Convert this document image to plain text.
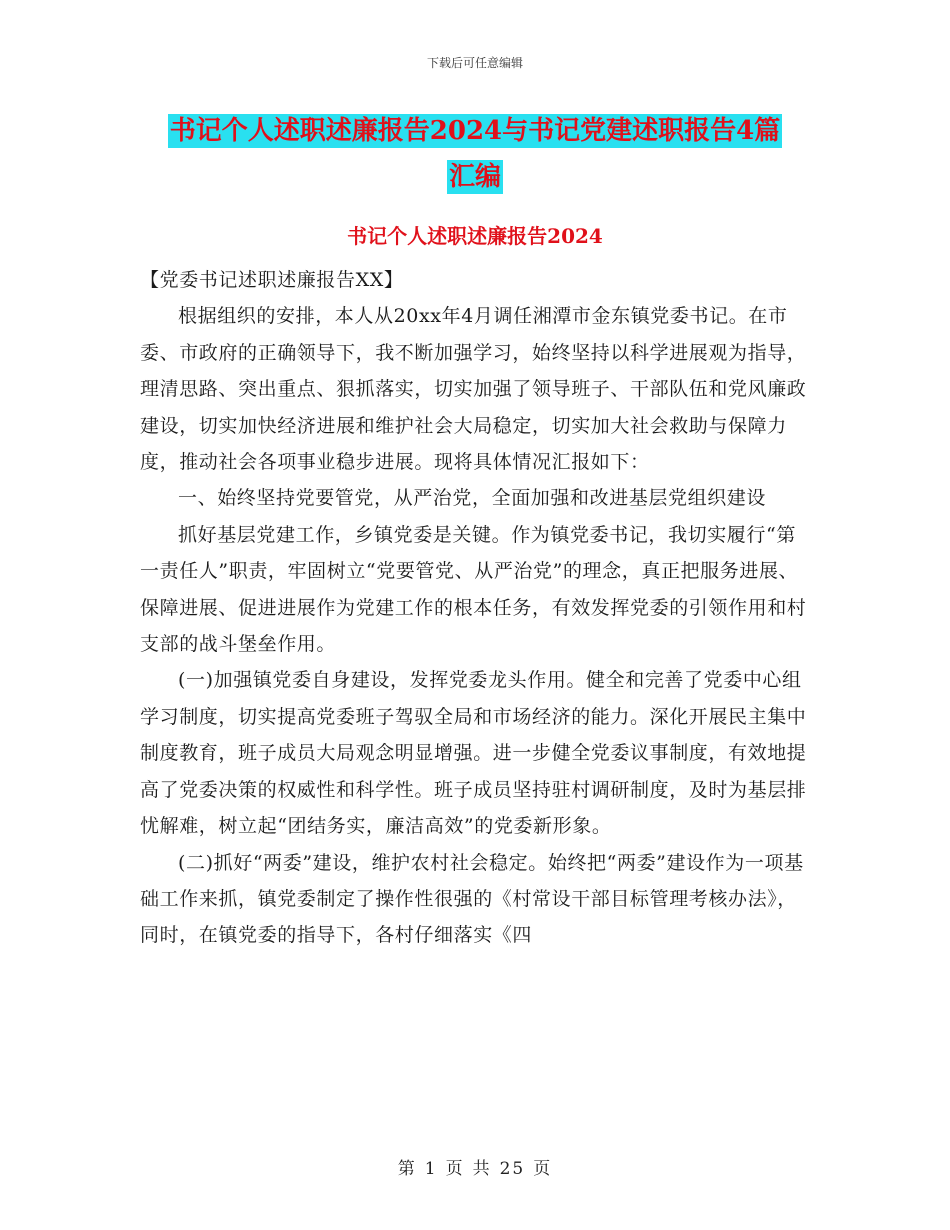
下载后可任意编辑
书记个人述职述廉报告2024与书记党建述职报告4篇
汇编
书记个人述职述廉报告2024

【党委书记述职述廉报告XX】

根据组织的安排，本人从20xx年4月调任湘潭市金东镇党委书记。在市委、市政府的正确领导下，我不断加强学习，始终坚持以科学进展观为指导，理清思路、突出重点、狠抓落实，切实加强了领导班子、干部队伍和党风廉政建设，切实加快经济进展和维护社会大局稳定，切实加大社会救助与保障力度，推动社会各项事业稳步进展。现将具体情况汇报如下：

一、始终坚持党要管党，从严治党，全面加强和改进基层党组织建设

抓好基层党建工作，乡镇党委是关键。作为镇党委书记，我切实履行“第一责任人”职责，牢固树立“党要管党、从严治党”的理念，真正把服务进展、保障进展、促进进展作为党建工作的根本任务，有效发挥党委的引领作用和村支部的战斗堡垒作用。

(一)加强镇党委自身建设，发挥党委龙头作用。健全和完善了党委中心组学习制度，切实提高党委班子驾驭全局和市场经济的能力。深化开展民主集中制度教育，班子成员大局观念明显增强。进一步健全党委议事制度，有效地提高了党委决策的权威性和科学性。班子成员坚持驻村调研制度，及时为基层排忧解难，树立起“团结务实，廉洁高效”的党委新形象。

(二)抓好“两委”建设，维护农村社会稳定。始终把“两委”建设作为一项基础工作来抓，镇党委制定了操作性很强的《村常设干部目标管理考核办法》，同时，在镇党委的指导下，各村仔细落实《四

第 1 页 共 25 页
